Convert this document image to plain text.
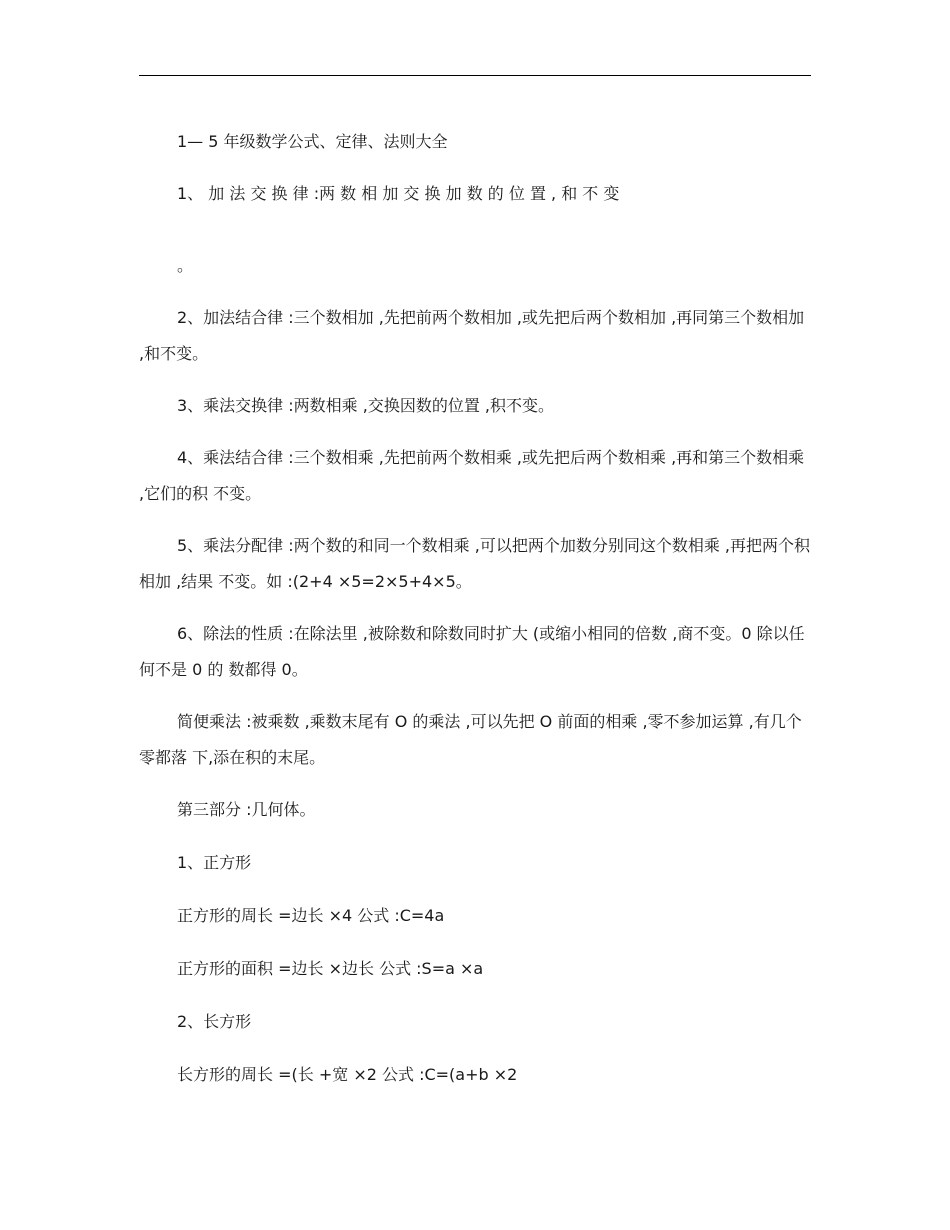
1— 5 年级数学公式、定律、法则大全

1、 加 法 交 换 律 :两 数 相 加 交 换 加 数 的 位 置 , 和 不 变

。

2、加法结合律 :三个数相加 ,先把前两个数相加 ,或先把后两个数相加 ,再同第三个数相加 ,和不变。

3、乘法交换律 :两数相乘 ,交换因数的位置 ,积不变。

4、乘法结合律 :三个数相乘 ,先把前两个数相乘 ,或先把后两个数相乘 ,再和第三个数相乘 ,它们的积 不变。

5、乘法分配律 :两个数的和同一个数相乘 ,可以把两个加数分别同这个数相乘 ,再把两个积相加 ,结果 不变。如 :(2+4 ×5=2×5+4×5。

6、除法的性质 :在除法里 ,被除数和除数同时扩大 (或缩小相同的倍数 ,商不变。0 除以任何不是 0 的 数都得 0。

简便乘法 :被乘数 ,乘数末尾有 O 的乘法 ,可以先把 O 前面的相乘 ,零不参加运算 ,有几个零都落 下,添在积的末尾。

第三部分 :几何体。

1、正方形

正方形的周长 =边长 ×4 公式 :C=4a

正方形的面积 =边长 ×边长 公式 :S=a ×a

2、长方形

长方形的周长 =(长 +宽 ×2 公式 :C=(a+b ×2
